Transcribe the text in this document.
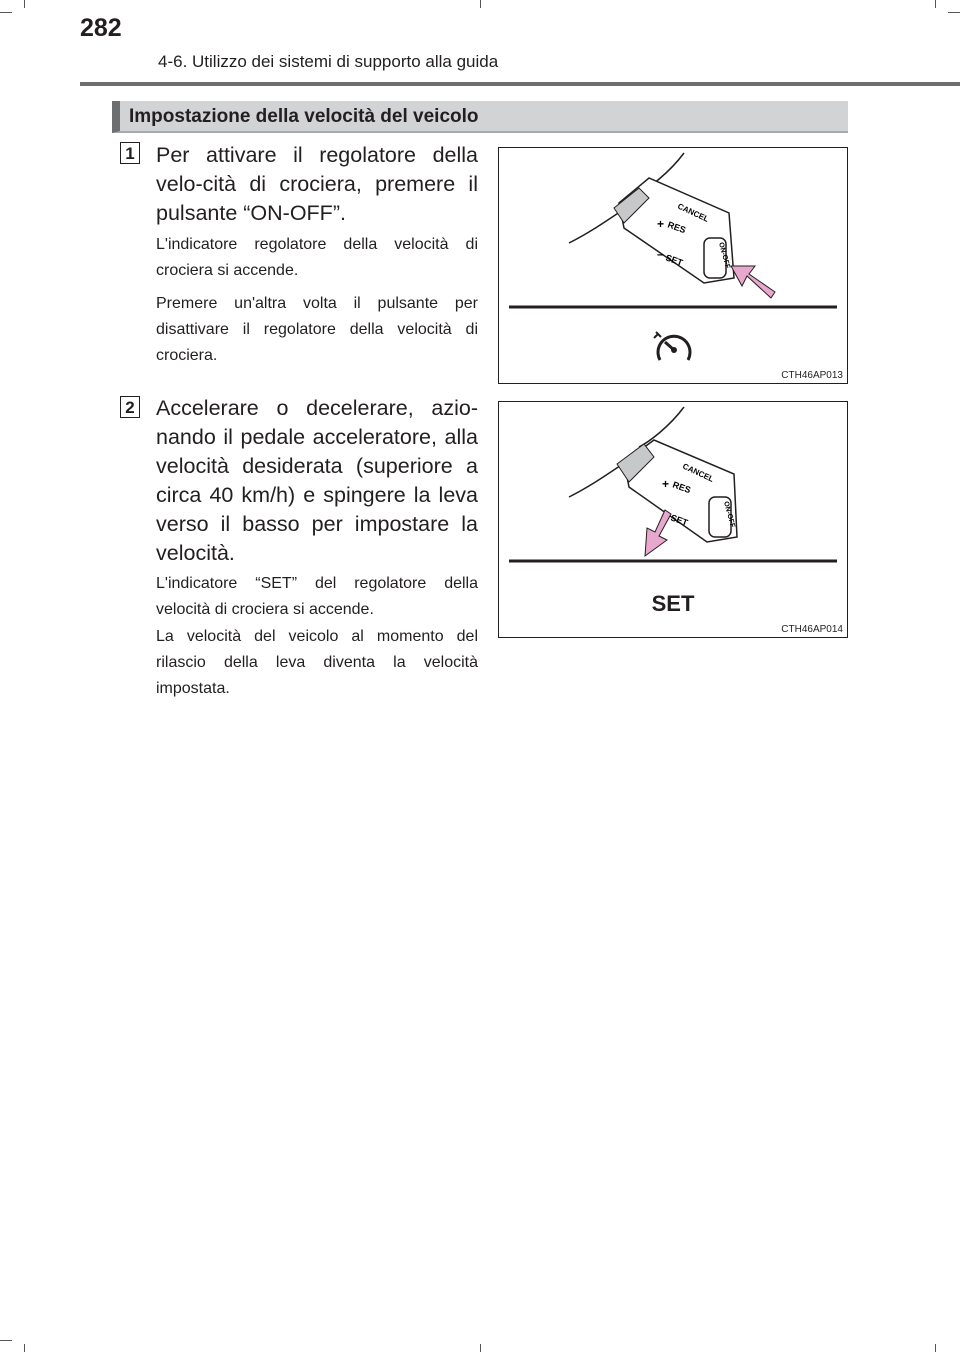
282
4-6. Utilizzo dei sistemi di supporto alla guida
Impostazione della velocità del veicolo
1 Per attivare il regolatore della velo-cità di crociera, premere il pulsante “ON-OFF”.
L'indicatore regolatore della velocità di crociera si accende.
Premere un'altra volta il pulsante per disattivare il regolatore della velocità di crociera.
CANCEL
+ RES
– SET	ON-OFF
CTH46AP013
2 Accelerare o decelerare, azio-nando il pedale acceleratore, alla velocità desiderata (superiore a circa 40 km/h) e spingere la leva verso il basso per impostare la velocità.
L'indicatore “SET” del regolatore della velocità di crociera si accende.
La velocità del veicolo al momento del rilascio della leva diventa la velocità impostata.
CANCEL
+ RES
SET	ON-OFF
SET
CTH46AP014
